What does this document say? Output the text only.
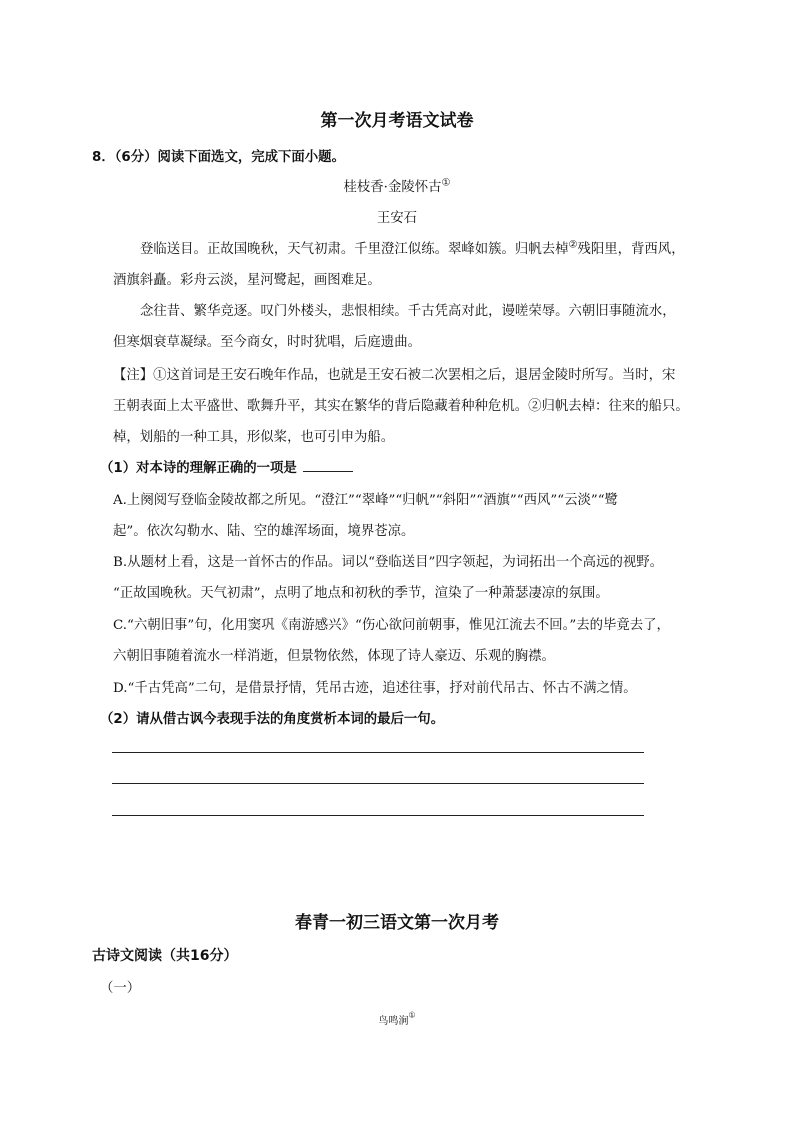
第一次月考语文试卷
8．（6分）阅读下面选文，完成下面小题。
桂枝香·金陵怀古①
王安石
登临送目。正故国晚秋，天气初肃。千里澄江似练。翠峰如簇。归帆去棹②残阳里，背西风，
酒旗斜矗。彩舟云淡，星河鹭起，画图难足。
念往昔、繁华竞逐。叹门外楼头，悲恨相续。千古凭高对此，谩嗟荣辱。六朝旧事随流水，
但寒烟衰草凝绿。至今商女，时时犹唱，后庭遗曲。
【注】①这首词是王安石晚年作品，也就是王安石被二次罢相之后，退居金陵时所写。当时，宋
王朝表面上太平盛世、歌舞升平，其实在繁华的背后隐藏着种种危机。②归帆去棹：往来的船只。
棹，划船的一种工具，形似桨，也可引申为船。
（1）对本诗的理解正确的一项是
A.上阕阅写登临金陵故都之所见。“澄江”“翠峰”“归帆”“斜阳”“酒旗”“西风”“云淡”“鹭
起”。依次勾勒水、陆、空的雄浑场面，境界苍凉。
B.从题材上看，这是一首怀古的作品。词以“登临送目”四字领起，为词拓出一个高远的视野。
“正故国晚秋。天气初肃”，点明了地点和初秋的季节，渲染了一种萧瑟凄凉的氛围。
C.“六朝旧事”句，化用窦巩《南游感兴》“伤心欲问前朝事，惟见江流去不回。”去的毕竟去了，
六朝旧事随着流水一样消逝，但景物依然，体现了诗人豪迈、乐观的胸襟。
D.“千古凭高”二句，是借景抒情，凭吊古迹，追述往事，抒对前代吊古、怀古不满之情。
（2）请从借古讽今表现手法的角度赏析本词的最后一句。
春青一初三语文第一次月考
古诗文阅读（共16分）
（一）
鸟鸣涧①
